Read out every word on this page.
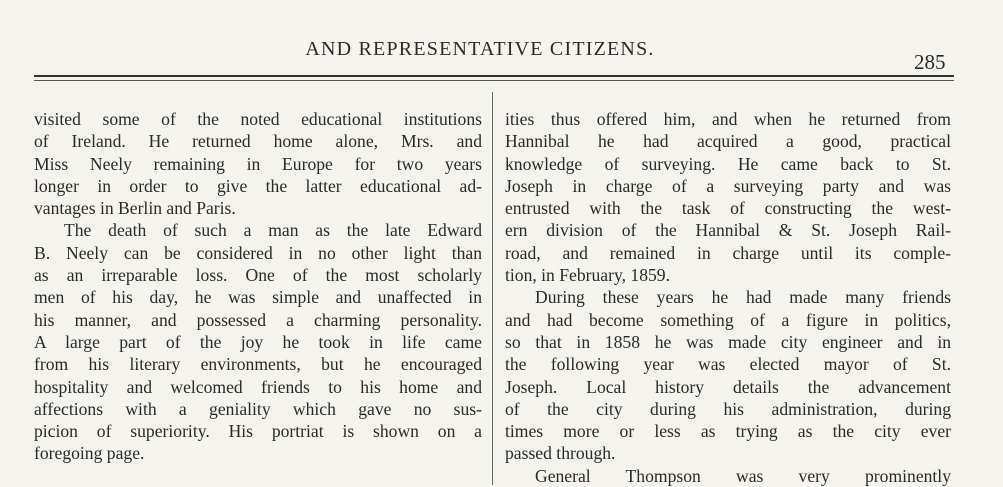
AND REPRESENTATIVE CITIZENS.
285
visited some of the noted educational institutions
of Ireland. He returned home alone, Mrs. and
Miss Neely remaining in Europe for two years
longer in order to give the latter educational ad-
vantages in Berlin and Paris.
The death of such a man as the late Edward
B. Neely can be considered in no other light than
as an irreparable loss. One of the most scholarly
men of his day, he was simple and unaffected in
his manner, and possessed a charming personality.
A large part of the joy he took in life came
from his literary environments, but he encouraged
hospitality and welcomed friends to his home and
affections with a geniality which gave no sus-
picion of superiority. His portriat is shown on a
foregoing page.
ities thus offered him, and when he returned from
Hannibal he had acquired a good, practical
knowledge of surveying. He came back to St.
Joseph in charge of a surveying party and was
entrusted with the task of constructing the west-
ern division of the Hannibal & St. Joseph Rail-
road, and remained in charge until its comple-
tion, in February, 1859.
During these years he had made many friends
and had become something of a figure in politics,
so that in 1858 he was made city engineer and in
the following year was elected mayor of St.
Joseph. Local history details the advancement
of the city during his administration, during
times more or less as trying as the city ever
passed through.
General Thompson was very prominently
